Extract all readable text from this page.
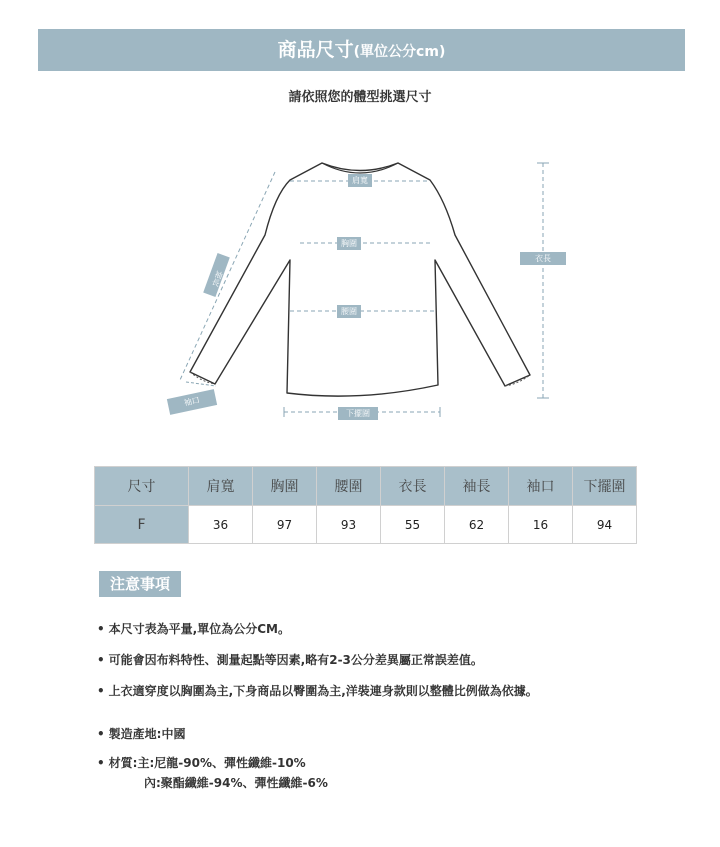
商品尺寸(單位公分cm)
請依照您的體型挑選尺寸
肩寬
胸圍
腰圍
衣長
袖長
袖口
下擺圍
尺寸	肩寬	胸圍	腰圍	衣長	袖長	袖口	下擺圍
F	36	97	93	55	62	16	94
注意事項
• 本尺寸表為平量,單位為公分CM。
• 可能會因布料特性、測量起點等因素,略有2-3公分差異屬正常誤差值。
• 上衣適穿度以胸圍為主,下身商品以臀圍為主,洋裝連身款則以整體比例做為依據。
• 製造產地:中國
• 材質:主:尼龍-90%、彈性纖維-10%
內:聚酯纖維-94%、彈性纖維-6%
